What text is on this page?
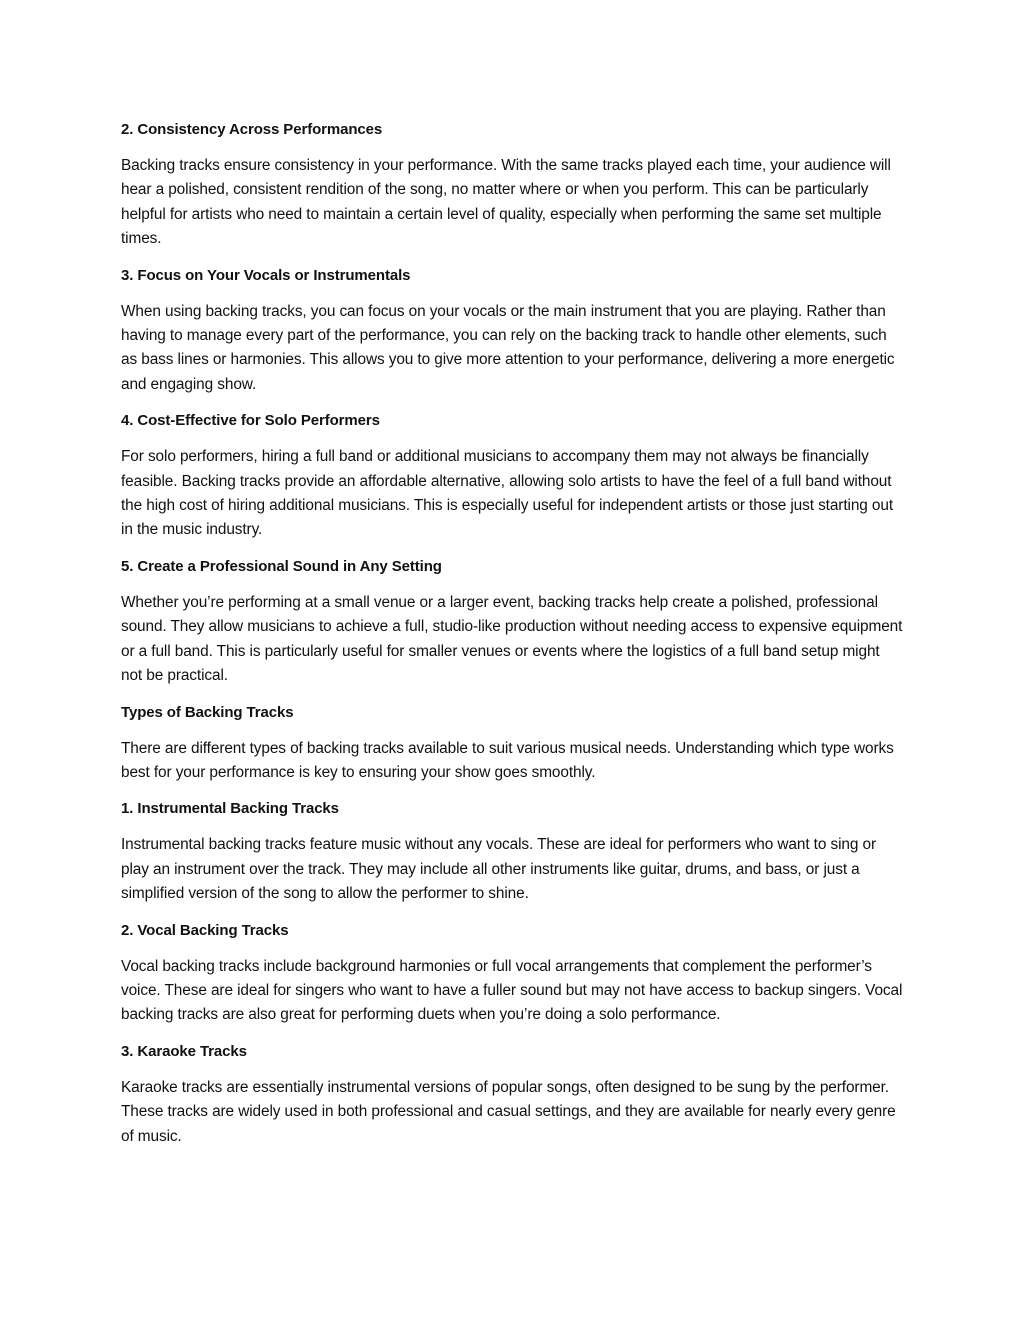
2. Consistency Across Performances

Backing tracks ensure consistency in your performance. With the same tracks played each time, your audience will hear a polished, consistent rendition of the song, no matter where or when you perform. This can be particularly helpful for artists who need to maintain a certain level of quality, especially when performing the same set multiple times.

3. Focus on Your Vocals or Instrumentals

When using backing tracks, you can focus on your vocals or the main instrument that you are playing. Rather than having to manage every part of the performance, you can rely on the backing track to handle other elements, such as bass lines or harmonies. This allows you to give more attention to your performance, delivering a more energetic and engaging show.

4. Cost-Effective for Solo Performers

For solo performers, hiring a full band or additional musicians to accompany them may not always be financially feasible. Backing tracks provide an affordable alternative, allowing solo artists to have the feel of a full band without the high cost of hiring additional musicians. This is especially useful for independent artists or those just starting out in the music industry.

5. Create a Professional Sound in Any Setting

Whether you’re performing at a small venue or a larger event, backing tracks help create a polished, professional sound. They allow musicians to achieve a full, studio-like production without needing access to expensive equipment or a full band. This is particularly useful for smaller venues or events where the logistics of a full band setup might not be practical.

Types of Backing Tracks

There are different types of backing tracks available to suit various musical needs. Understanding which type works best for your performance is key to ensuring your show goes smoothly.

1. Instrumental Backing Tracks

Instrumental backing tracks feature music without any vocals. These are ideal for performers who want to sing or play an instrument over the track. They may include all other instruments like guitar, drums, and bass, or just a simplified version of the song to allow the performer to shine.

2. Vocal Backing Tracks

Vocal backing tracks include background harmonies or full vocal arrangements that complement the performer’s voice. These are ideal for singers who want to have a fuller sound but may not have access to backup singers. Vocal backing tracks are also great for performing duets when you’re doing a solo performance.

3. Karaoke Tracks

Karaoke tracks are essentially instrumental versions of popular songs, often designed to be sung by the performer. These tracks are widely used in both professional and casual settings, and they are available for nearly every genre of music.
